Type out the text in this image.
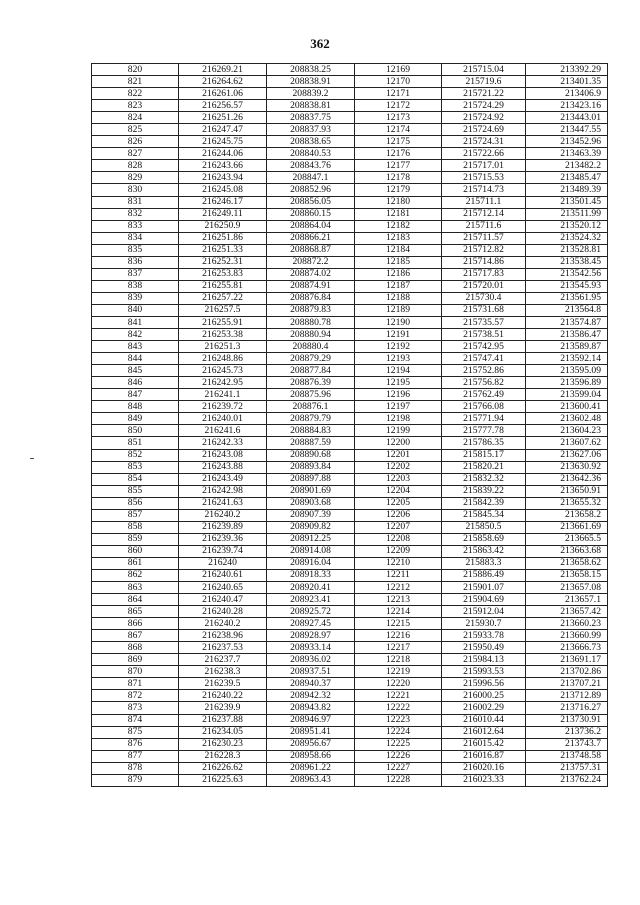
362
820	216269.21	208838.25	12169	215715.04	213392.29
821	216264.62	208838.91	12170	215719.6	213401.35
822	216261.06	208839.2	12171	215721.22	213406.9
823	216256.57	208838.81	12172	215724.29	213423.16
824	216251.26	208837.75	12173	215724.92	213443.01
825	216247.47	208837.93	12174	215724.69	213447.55
826	216245.75	208838.65	12175	215724.31	213452.96
827	216244.06	208840.53	12176	215722.66	213463.39
828	216243.66	208843.76	12177	215717.01	213482.2
829	216243.94	208847.1	12178	215715.53	213485.47
830	216245.08	208852.96	12179	215714.73	213489.39
831	216246.17	208856.05	12180	215711.1	213501.45
832	216249.11	208860.15	12181	215712.14	213511.99
833	216250.9	208864.04	12182	215711.6	213520.12
834	216251.86	208866.21	12183	215711.57	213524.32
835	216251.33	208868.87	12184	215712.82	213528.81
836	216252.31	208872.2	12185	215714.86	213538.45
837	216253.83	208874.02	12186	215717.83	213542.56
838	216255.81	208874.91	12187	215720.01	213545.93
839	216257.22	208876.84	12188	215730.4	213561.95
840	216257.5	208879.83	12189	215731.68	213564.8
841	216255.91	208880.78	12190	215735.57	213574.87
842	216253.38	208880.94	12191	215738.51	213586.47
843	216251.3	208880.4	12192	215742.95	213589.87
844	216248.86	208879.29	12193	215747.41	213592.14
845	216245.73	208877.84	12194	215752.86	213595.09
846	216242.95	208876.39	12195	215756.82	213596.89
847	216241.1	208875.96	12196	215762.49	213599.04
848	216239.72	208876.1	12197	215766.08	213600.41
849	216240.01	208879.79	12198	215771.94	213602.48
850	216241.6	208884.83	12199	215777.78	213604.23
851	216242.33	208887.59	12200	215786.35	213607.62
852	216243.08	208890.68	12201	215815.17	213627.06
853	216243.88	208893.84	12202	215820.21	213630.92
854	216243.49	208897.88	12203	215832.32	213642.36
855	216242.98	208901.69	12204	215839.22	213650.91
856	216241.63	208903.68	12205	215842.39	213655.32
857	216240.2	208907.39	12206	215845.34	213658.2
858	216239.89	208909.82	12207	215850.5	213661.69
859	216239.36	208912.25	12208	215858.69	213665.5
860	216239.74	208914.08	12209	215863.42	213663.68
861	216240	208916.04	12210	215883.3	213658.62
862	216240.61	208918.33	12211	215886.49	213658.15
863	216240.65	208920.41	12212	215901.07	213657.08
864	216240.47	208923.41	12213	215904.69	213657.1
865	216240.28	208925.72	12214	215912.04	213657.42
866	216240.2	208927.45	12215	215930.7	213660.23
867	216238.96	208928.97	12216	215933.78	213660.99
868	216237.53	208933.14	12217	215950.49	213666.73
869	216237.7	208936.02	12218	215984.13	213691.17
870	216238.3	208937.51	12219	215993.53	213702.86
871	216239.5	208940.37	12220	215996.56	213707.21
872	216240.22	208942.32	12221	216000.25	213712.89
873	216239.9	208943.82	12222	216002.29	213716.27
874	216237.88	208946.97	12223	216010.44	213730.91
875	216234.05	208951.41	12224	216012.64	213736.2
876	216230.23	208956.67	12225	216015.42	213743.7
877	216228.3	208958.66	12226	216016.87	213748.58
878	216226.62	208961.22	12227	216020.16	213757.31
879	216225.63	208963.43	12228	216023.33	213762.24
